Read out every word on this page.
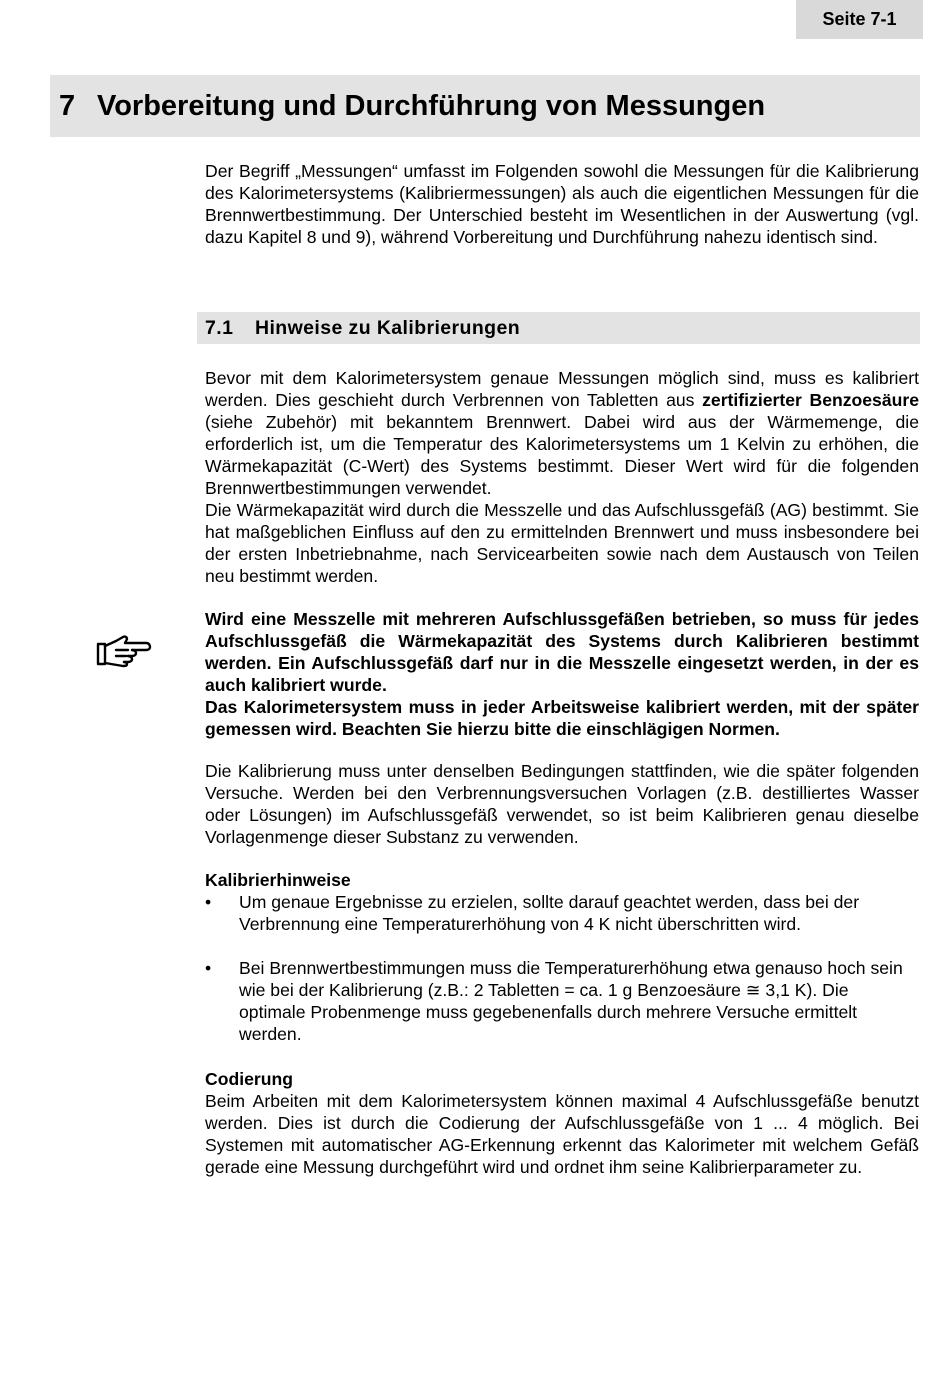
Seite 7-1
7 Vorbereitung und Durchführung von Messungen

Der Begriff „Messungen“ umfasst im Folgenden sowohl die Messungen für die Kalibrierung des Kalorimetersystems (Kalibriermessungen) als auch die eigentlichen Messungen für die Brennwertbestimmung. Der Unterschied besteht im Wesentlichen in der Auswertung (vgl. dazu Kapitel 8 und 9), während Vorbereitung und Durchführung nahezu identisch sind.

7.1	Hinweise zu Kalibrierungen

Bevor mit dem Kalorimetersystem genaue Messungen möglich sind, muss es kalibriert werden. Dies geschieht durch Verbrennen von Tabletten aus zertifizierter Benzoesäure (siehe Zubehör) mit bekanntem Brennwert. Dabei wird aus der Wärmemenge, die erforderlich ist, um die Temperatur des Kalorimetersystems um 1 Kelvin zu erhöhen, die Wärmekapazität (C-Wert) des Systems bestimmt. Dieser Wert wird für die folgenden Brennwertbestimmungen verwendet.

Die Wärmekapazität wird durch die Messzelle und das Aufschlussgefäß (AG) bestimmt. Sie hat maßgeblichen Einfluss auf den zu ermittelnden Brennwert und muss insbesondere bei der ersten Inbetriebnahme, nach Servicearbeiten sowie nach dem Austausch von Teilen neu bestimmt werden.

Wird eine Messzelle mit mehreren Aufschlussgefäßen betrieben, so muss für jedes Aufschlussgefäß die Wärmekapazität des Systems durch Kalibrieren bestimmt werden. Ein Aufschlussgefäß darf nur in die Messzelle eingesetzt werden, in der es auch kalibriert wurde.

Das Kalorimetersystem muss in jeder Arbeitsweise kalibriert werden, mit der später gemessen wird. Beachten Sie hierzu bitte die einschlägigen Normen.

Die Kalibrierung muss unter denselben Bedingungen stattfinden, wie die später folgenden Versuche. Werden bei den Verbrennungsversuchen Vorlagen (z.B. destilliertes Wasser oder Lösungen) im Aufschlussgefäß verwendet, so ist beim Kalibrieren genau dieselbe Vorlagenmenge dieser Substanz zu verwenden.

Kalibrierhinweise

• Um genaue Ergebnisse zu erzielen, sollte darauf geachtet werden, dass bei der Verbrennung eine Temperaturerhöhung von 4 K nicht überschritten wird.
• Bei Brennwertbestimmungen muss die Temperaturerhöhung etwa genauso hoch sein wie bei der Kalibrierung (z.B.: 2 Tabletten = ca. 1 g Benzoesäure ≅ 3,1 K). Die optimale Probenmenge muss gegebenenfalls durch mehrere Versuche ermittelt werden.

Codierung

Beim Arbeiten mit dem Kalorimetersystem können maximal 4 Aufschlussgefäße benutzt werden. Dies ist durch die Codierung der Aufschlussgefäße von 1 ... 4 möglich. Bei Systemen mit automatischer AG-Erkennung erkennt das Kalorimeter mit welchem Gefäß gerade eine Messung durchgeführt wird und ordnet ihm seine Kalibrierparameter zu.
